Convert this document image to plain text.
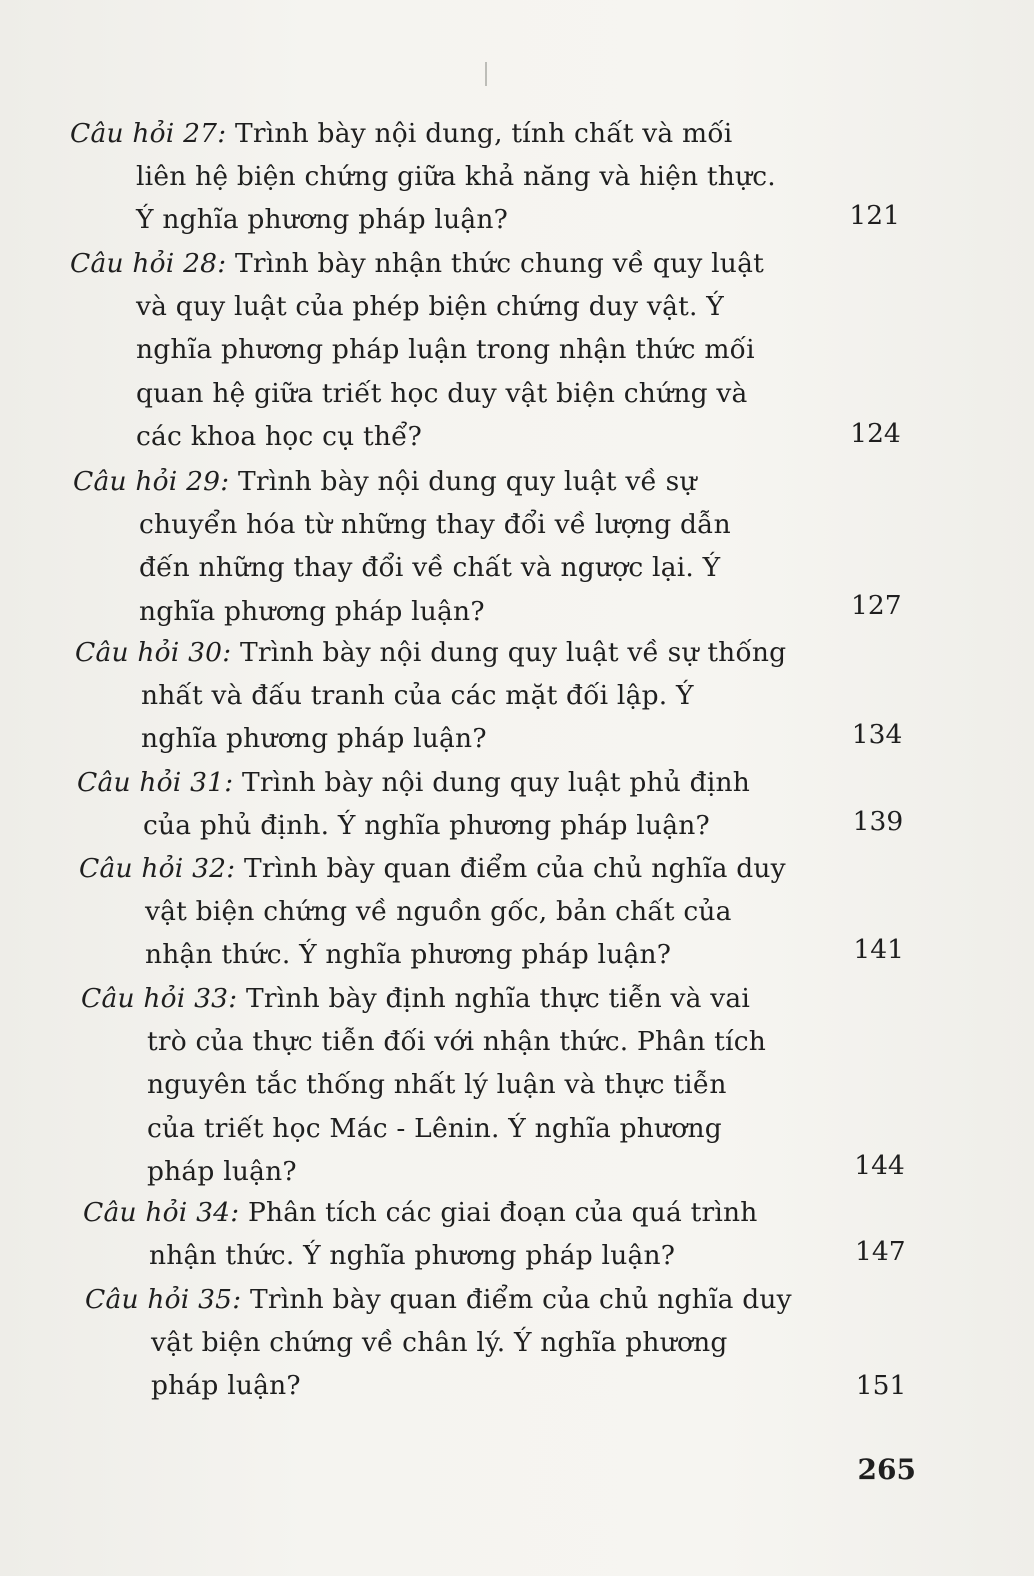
Câu hỏi 27: Trình bày nội dung, tính chất và mối
liên hệ biện chứng giữa khả năng và hiện thực.
Ý nghĩa phương pháp luận?	121
Câu hỏi 28: Trình bày nhận thức chung về quy luật
và quy luật của phép biện chứng duy vật. Ý
nghĩa phương pháp luận trong nhận thức mối
quan hệ giữa triết học duy vật biện chứng và
các khoa học cụ thể?	124
Câu hỏi 29: Trình bày nội dung quy luật về sự
chuyển hóa từ những thay đổi về lượng dẫn
đến những thay đổi về chất và ngược lại. Ý
nghĩa phương pháp luận?	127
Câu hỏi 30: Trình bày nội dung quy luật về sự thống
nhất và đấu tranh của các mặt đối lập. Ý
nghĩa phương pháp luận?	134
Câu hỏi 31: Trình bày nội dung quy luật phủ định
của phủ định. Ý nghĩa phương pháp luận?	139
Câu hỏi 32: Trình bày quan điểm của chủ nghĩa duy
vật biện chứng về nguồn gốc, bản chất của
nhận thức. Ý nghĩa phương pháp luận?	141
Câu hỏi 33: Trình bày định nghĩa thực tiễn và vai
trò của thực tiễn đối với nhận thức. Phân tích
nguyên tắc thống nhất lý luận và thực tiễn
của triết học Mác - Lênin. Ý nghĩa phương
pháp luận?	144
Câu hỏi 34: Phân tích các giai đoạn của quá trình
nhận thức. Ý nghĩa phương pháp luận?	147
Câu hỏi 35: Trình bày quan điểm của chủ nghĩa duy
vật biện chứng về chân lý. Ý nghĩa phương
pháp luận?	151
265
